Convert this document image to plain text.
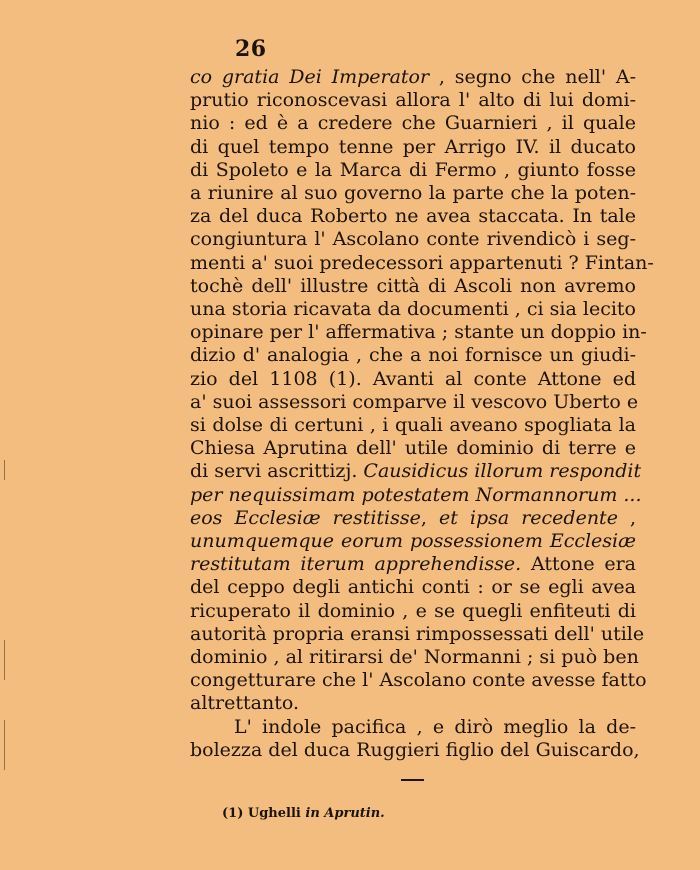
26
co gratia Dei Imperator , segno che nell' A-
prutio riconoscevasi allora l' alto di lui domi-
nio : ed è a credere che Guarnieri , il quale
di quel tempo tenne per Arrigo IV. il ducato
di Spoleto e la Marca di Fermo , giunto fosse
a riunire al suo governo la parte che la poten-
za del duca Roberto ne avea staccata. In tale
congiuntura l' Ascolano conte rivendicò i seg-
menti a' suoi predecessori appartenuti ? Fintan-
tochè dell' illustre città di Ascoli non avremo
una storia ricavata da documenti , ci sia lecito
opinare per l' affermativa ; stante un doppio in-
dizio d' analogia , che a noi fornisce un giudi-
zio del 1108 (1). Avanti al conte Attone ed
a' suoi assessori comparve il vescovo Uberto e
si dolse di certuni , i quali aveano spogliata la
Chiesa Aprutina dell' utile dominio di terre e
di servi ascrittizj. Causidicus illorum respondit
per nequissimam potestatem Normannorum ...
eos Ecclesiæ restitisse, et ipsa recedente ,
unumquemque eorum possessionem Ecclesiæ
restitutam iterum apprehendisse. Attone era
del ceppo degli antichi conti : or se egli avea
ricuperato il dominio , e se quegli enfiteuti di
autorità propria eransi rimpossessati dell' utile
dominio , al ritirarsi de' Normanni ; si può ben
congetturare che l' Ascolano conte avesse fatto
altrettanto.
L' indole pacifica , e dirò meglio la de-
bolezza del duca Ruggieri figlio del Guiscardo,
(1) Ughelli in Aprutin.
